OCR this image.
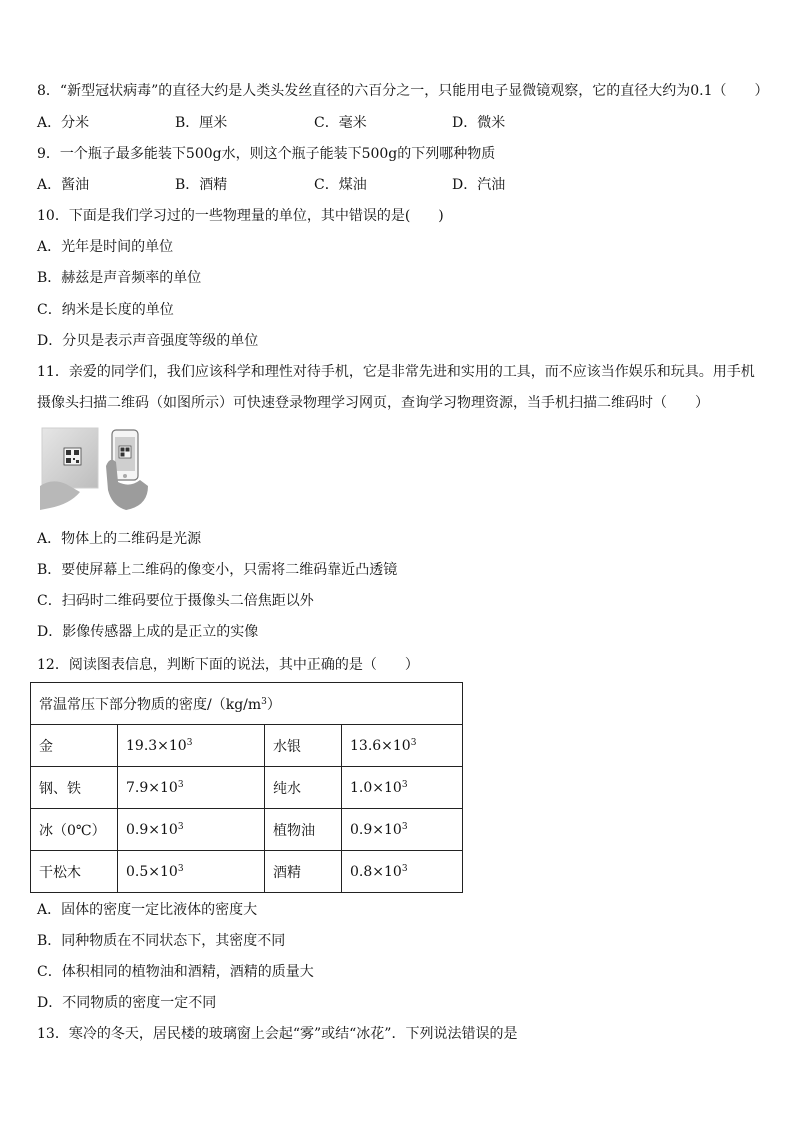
8．“新型冠状病毒”的直径大约是人类头发丝直径的六百分之一，只能用电子显微镜观察，它的直径大约为0.1（　　）
A．分米	B．厘米	C．毫米	D．微米
9．一个瓶子最多能装下500g水，则这个瓶子能装下500g的下列哪种物质
A．酱油	B．酒精	C．煤油	D．汽油
10．下面是我们学习过的一些物理量的单位，其中错误的是(　　)
A．光年是时间的单位
B．赫兹是声音频率的单位
C．纳米是长度的单位
D．分贝是表示声音强度等级的单位
11．亲爱的同学们，我们应该科学和理性对待手机，它是非常先进和实用的工具，而不应该当作娱乐和玩具。用手机
摄像头扫描二维码（如图所示）可快速登录物理学习网页，查询学习物理资源，当手机扫描二维码时（　　）
A．物体上的二维码是光源
B．要使屏幕上二维码的像变小，只需将二维码靠近凸透镜
C．扫码时二维码要位于摄像头二倍焦距以外
D．影像传感器上成的是正立的实像
12．阅读图表信息，判断下面的说法，其中正确的是（　　）
常温常压下部分物质的密度$/(kg/m^3)$			
金	$19.3\times 10^3$	水银	$13.6\times 10^3$
钢、铁	$7.9\times 10^3$	纯水	$1.0\times 10^3$
冰（0℃）	$0.9\times 10^3$	植物油	$0.9\times 10^3$
干松木	$0.5\times 10^3$	酒精	$0.8\times 10^3$
A．固体的密度一定比液体的密度大
B．同种物质在不同状态下，其密度不同
C．体积相同的植物油和酒精，酒精的质量大
D．不同物质的密度一定不同
13．寒冷的冬天，居民楼的玻璃窗上会起“雾”或结“冰花”．下列说法错误的是
